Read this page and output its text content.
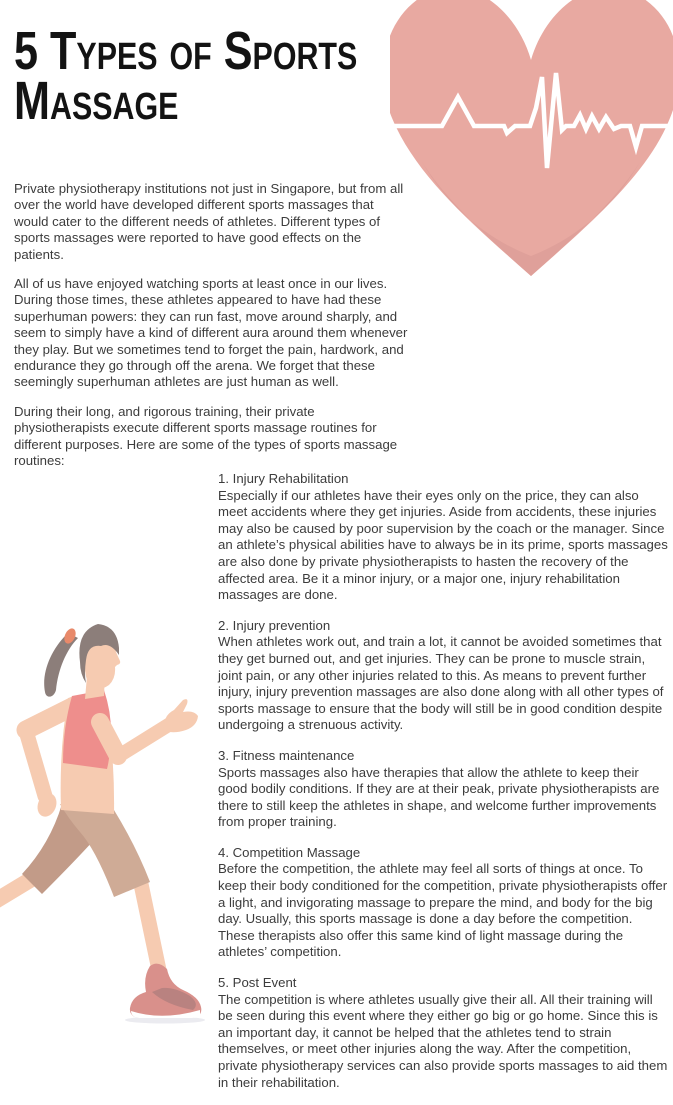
5 Types of Sports Massage

Private physiotherapy institutions not just in Singapore, but from all over the world have developed different sports massages that would cater to the different needs of athletes. Different types of sports massages were reported to have good effects on the patients.

All of us have enjoyed watching sports at least once in our lives. During those times, these athletes appeared to have had these superhuman powers: they can run fast, move around sharply, and seem to simply have a kind of different aura around them whenever they play. But we sometimes tend to forget the pain, hardwork, and endurance they go through off the arena. We forget that these seemingly superhuman athletes are just human as well.

During their long, and rigorous training, their private physiotherapists execute different sports massage routines for different purposes. Here are some of the types of sports massage routines:

1. Injury Rehabilitation

Especially if our athletes have their eyes only on the price, they can also meet accidents where they get injuries. Aside from accidents, these injuries may also be caused by poor supervision by the coach or the manager. Since an athlete’s physical abilities have to always be in its prime, sports massages are also done by private physiotherapists to hasten the recovery of the affected area. Be it a minor injury, or a major one, injury rehabilitation massages are done.

2. Injury prevention

When athletes work out, and train a lot, it cannot be avoided sometimes that they get burned out, and get injuries. They can be prone to muscle strain, joint pain, or any other injuries related to this. As means to prevent further injury, injury prevention massages are also done along with all other types of sports massage to ensure that the body will still be in good condition despite undergoing a strenuous activity.

3. Fitness maintenance

Sports massages also have therapies that allow the athlete to keep their good bodily conditions. If they are at their peak, private physiotherapists are there to still keep the athletes in shape, and welcome further improvements from proper training.

4. Competition Massage

Before the competition, the athlete may feel all sorts of things at once. To keep their body conditioned for the competition, private physiotherapists offer a light, and invigorating massage to prepare the mind, and body for the big day. Usually, this sports massage is done a day before the competition. These therapists also offer this same kind of light massage during the athletes’ competition.

5. Post Event

The competition is where athletes usually give their all. All their training will be seen during this event where they either go big or go home. Since this is an important day, it cannot be helped that the athletes tend to strain themselves, or meet other injuries along the way. After the competition, private physiotherapy services can also provide sports massages to aid them in their rehabilitation.
